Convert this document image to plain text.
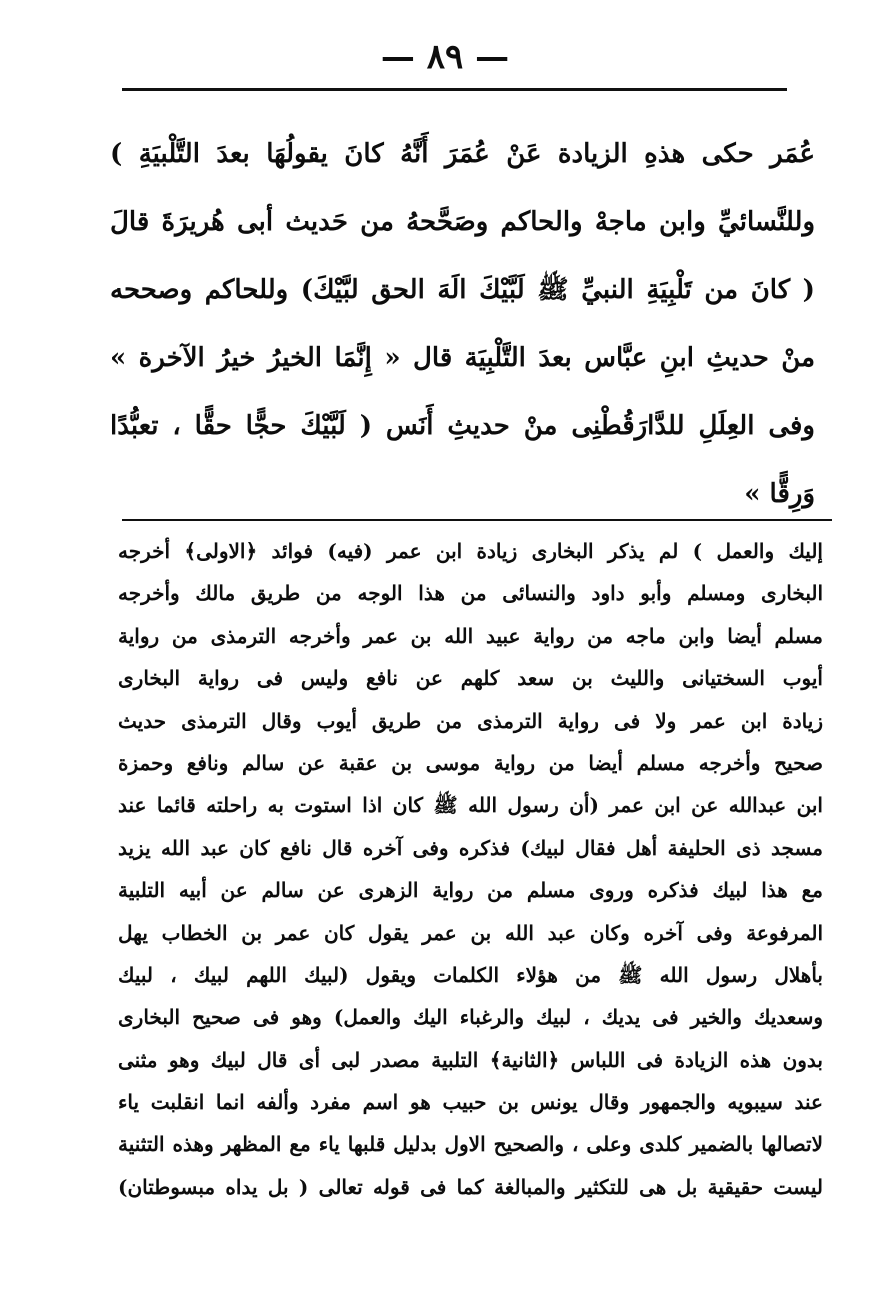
— ٨٩ —
عُمَر حكى هذهِ الزيادة عَنْ عُمَرَ أَنَّهُ كانَ يقولُهَا بعدَ التَّلْبيَةِ )
وللنَّسائيِّ وابن ماجهْ والحاكم وصَحَّحهُ من حَديث أبى هُريرَةَ قالَ
( كانَ من تَلْبِيَةِ النبيِّ ﷺ لَبَّيْكَ الَهَ الحق لبَّيْكَ) وللحاكم وصححه
منْ حديثِ ابنِ عبَّاس بعدَ التَّلْبِيَة قال « إِنَّمَا الخيرُ خيرُ الآخرة »
وفى العِلَلِ للدَّارَقُطْنِى منْ حديثِ أَنَس ( لَبَّيْكَ حجًّا حقًّا ، تعبُّدًا
وَرِقًّا »
إليك والعمل ) لم يذكر البخارى زيادة ابن عمر (فيه) فوائد ﴿الاولى﴾ أخرجه
البخارى ومسلم وأبو داود والنسائى من هذا الوجه من طريق مالك وأخرجه
مسلم أيضا وابن ماجه من رواية عبيد الله بن عمر وأخرجه الترمذى من رواية
أيوب السختيانى والليث بن سعد كلهم عن نافع وليس فى رواية البخارى
زيادة ابن عمر ولا فى رواية الترمذى من طريق أيوب وقال الترمذى حديث
صحيح وأخرجه مسلم أيضا من رواية موسى بن عقبة عن سالم ونافع وحمزة
ابن عبدالله عن ابن عمر (أن رسول الله ﷺ كان اذا استوت به راحلته قائما عند
مسجد ذى الحليفة أهل فقال لبيك) فذكره وفى آخره قال نافع كان عبد الله يزيد
مع هذا لبيك فذكره وروى مسلم من رواية الزهرى عن سالم عن أبيه التلبية
المرفوعة وفى آخره وكان عبد الله بن عمر يقول كان عمر بن الخطاب يهل
بأهلال رسول الله ﷺ من هؤلاء الكلمات ويقول (لبيك اللهم لبيك ، لبيك
وسعديك والخير فى يديك ، لبيك والرغباء اليك والعمل) وهو فى صحيح البخارى
بدون هذه الزيادة فى اللباس ﴿الثانية﴾ التلبية مصدر لبى أى قال لبيك وهو مثنى
عند سيبويه والجمهور وقال يونس بن حبيب هو اسم مفرد وألفه انما انقلبت ياء
لاتصالها بالضمير كلدى وعلى ، والصحيح الاول بدليل قلبها ياء مع المظهر وهذه التثنية
ليست حقيقية بل هى للتكثير والمبالغة كما فى قوله تعالى ( بل يداه مبسوطتان)
